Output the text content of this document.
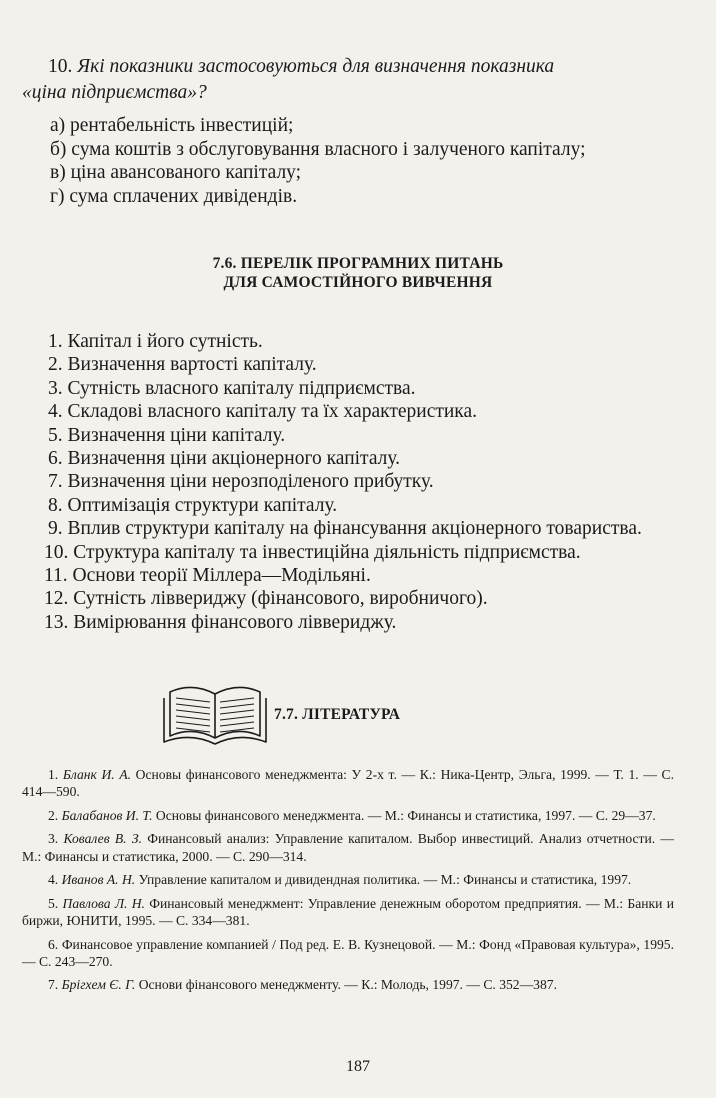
10. Які показники застосовуються для визначення показника
«ціна підприємства»?
а) рентабельність інвестицій;
б) сума коштів з обслуговування власного і залученого капіталу;
в) ціна авансованого капіталу;
г) сума сплачених дивідендів.
7.6. ПЕРЕЛІК ПРОГРАМНИХ ПИТАНЬ
ДЛЯ САМОСТІЙНОГО ВИВЧЕННЯ
1. Капітал і його сутність.
2. Визначення вартості капіталу.
3. Сутність власного капіталу підприємства.
4. Складові власного капіталу та їх характеристика.
5. Визначення ціни капіталу.
6. Визначення ціни акціонерного капіталу.
7. Визначення ціни нерозподіленого прибутку.
8. Оптимізація структури капіталу.
9. Вплив структури капіталу на фінансування акціонерного товариства.
10. Структура капіталу та інвестиційна діяльність підприємства.
11. Основи теорії Міллера—Модільяні.
12. Сутність ліввериджу (фінансового, виробничого).
13. Вимірювання фінансового ліввериджу.
7.7. ЛІТЕРАТУРА
1. Бланк И. А. Основы финансового менеджмента: У 2-х т. — К.: Ника-Центр, Эльга, 1999. — Т. 1. — С. 414—590.
2. Балабанов И. Т. Основы финансового менеджмента. — М.: Финансы и статистика, 1997. — С. 29—37.
3. Ковалев В. З. Финансовый анализ: Управление капиталом. Выбор инвестиций. Анализ отчетности. — М.: Финансы и статистика, 2000. — С. 290—314.
4. Иванов А. Н. Управление капиталом и дивидендная политика. — М.: Финансы и статистика, 1997.
5. Павлова Л. Н. Финансовый менеджмент: Управление денежным оборотом предприятия. — М.: Банки и биржи, ЮНИТИ, 1995. — С. 334—381.
6. Финансовое управление компанией / Под ред. Е. В. Кузнецовой. — М.: Фонд «Правовая культура», 1995. — С. 243—270.
7. Брігхем Є. Г. Основи фінансового менеджменту. — К.: Молодь, 1997. — С. 352—387.
187
